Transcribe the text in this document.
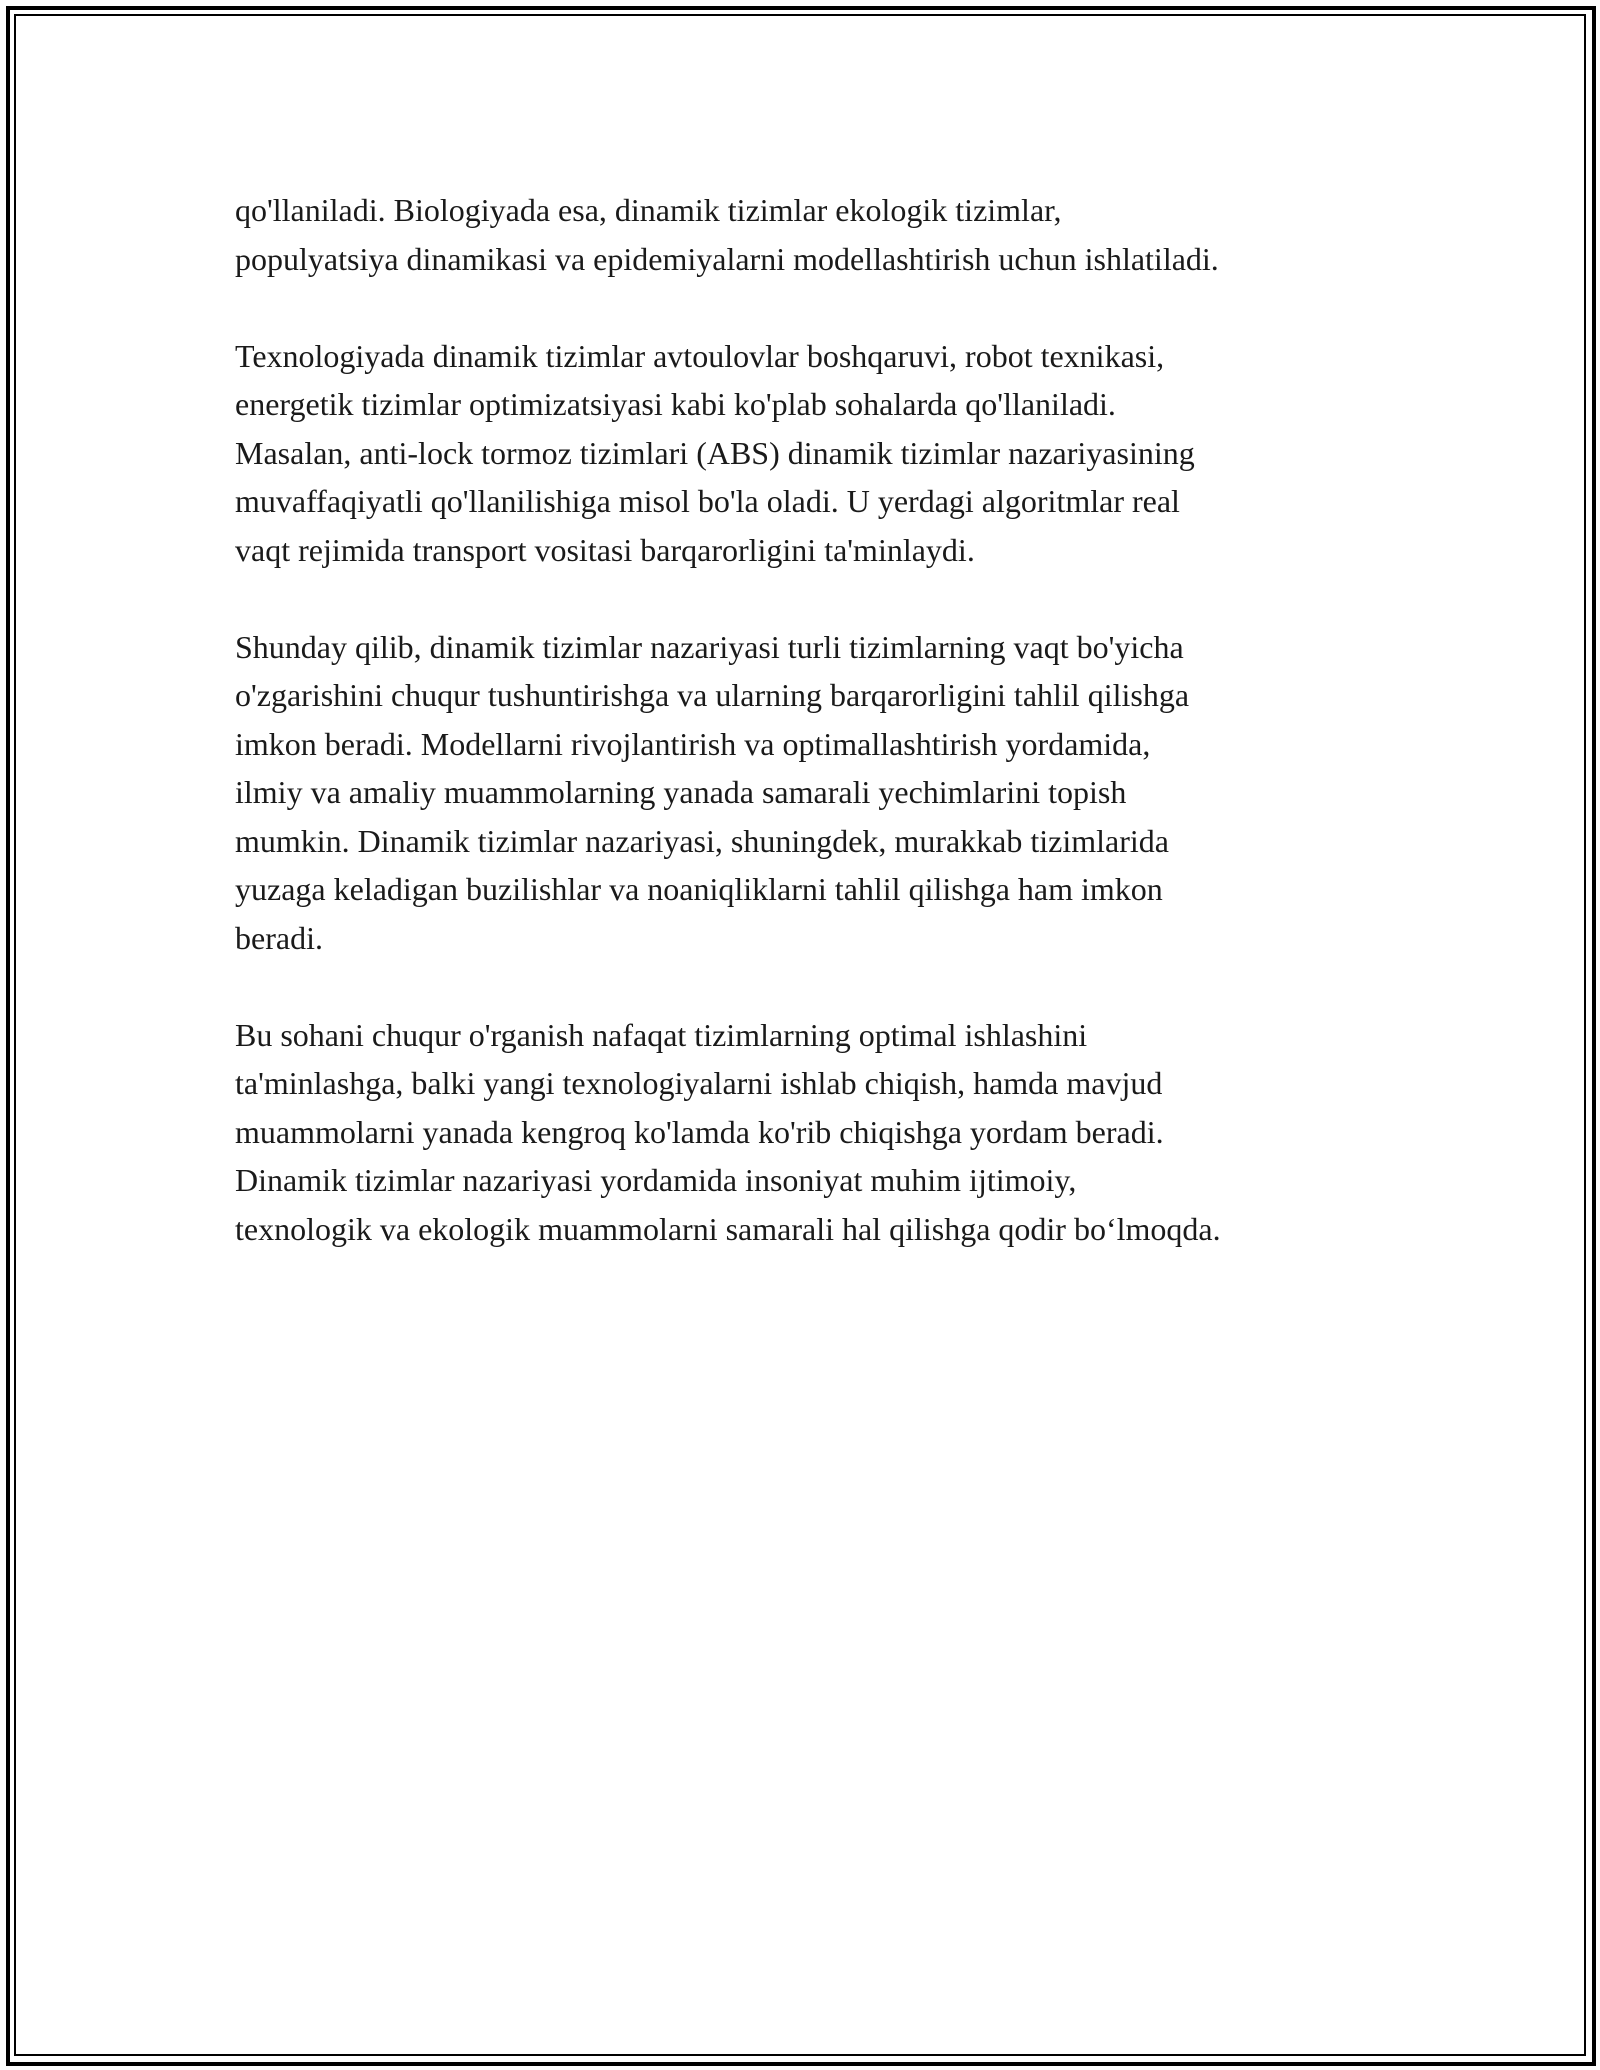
qo'llaniladi. Biologiyada esa, dinamik tizimlar ekologik tizimlar,
populyatsiya dinamikasi va epidemiyalarni modellashtirish uchun ishlatiladi.
Texnologiyada dinamik tizimlar avtoulovlar boshqaruvi, robot texnikasi,
energetik tizimlar optimizatsiyasi kabi ko'plab sohalarda qo'llaniladi.
Masalan, anti-lock tormoz tizimlari (ABS) dinamik tizimlar nazariyasining
muvaffaqiyatli qo'llanilishiga misol bo'la oladi. U yerdagi algoritmlar real
vaqt rejimida transport vositasi barqarorligini ta'minlaydi.
Shunday qilib, dinamik tizimlar nazariyasi turli tizimlarning vaqt bo'yicha
o'zgarishini chuqur tushuntirishga va ularning barqarorligini tahlil qilishga
imkon beradi. Modellarni rivojlantirish va optimallashtirish yordamida,
ilmiy va amaliy muammolarning yanada samarali yechimlarini topish
mumkin. Dinamik tizimlar nazariyasi, shuningdek, murakkab tizimlarida
yuzaga keladigan buzilishlar va noaniqliklarni tahlil qilishga ham imkon
beradi.
Bu sohani chuqur o'rganish nafaqat tizimlarning optimal ishlashini
ta'minlashga, balki yangi texnologiyalarni ishlab chiqish, hamda mavjud
muammolarni yanada kengroq ko'lamda ko'rib chiqishga yordam beradi.
Dinamik tizimlar nazariyasi yordamida insoniyat muhim ijtimoiy,
texnologik va ekologik muammolarni samarali hal qilishga qodir bo‘lmoqda.
